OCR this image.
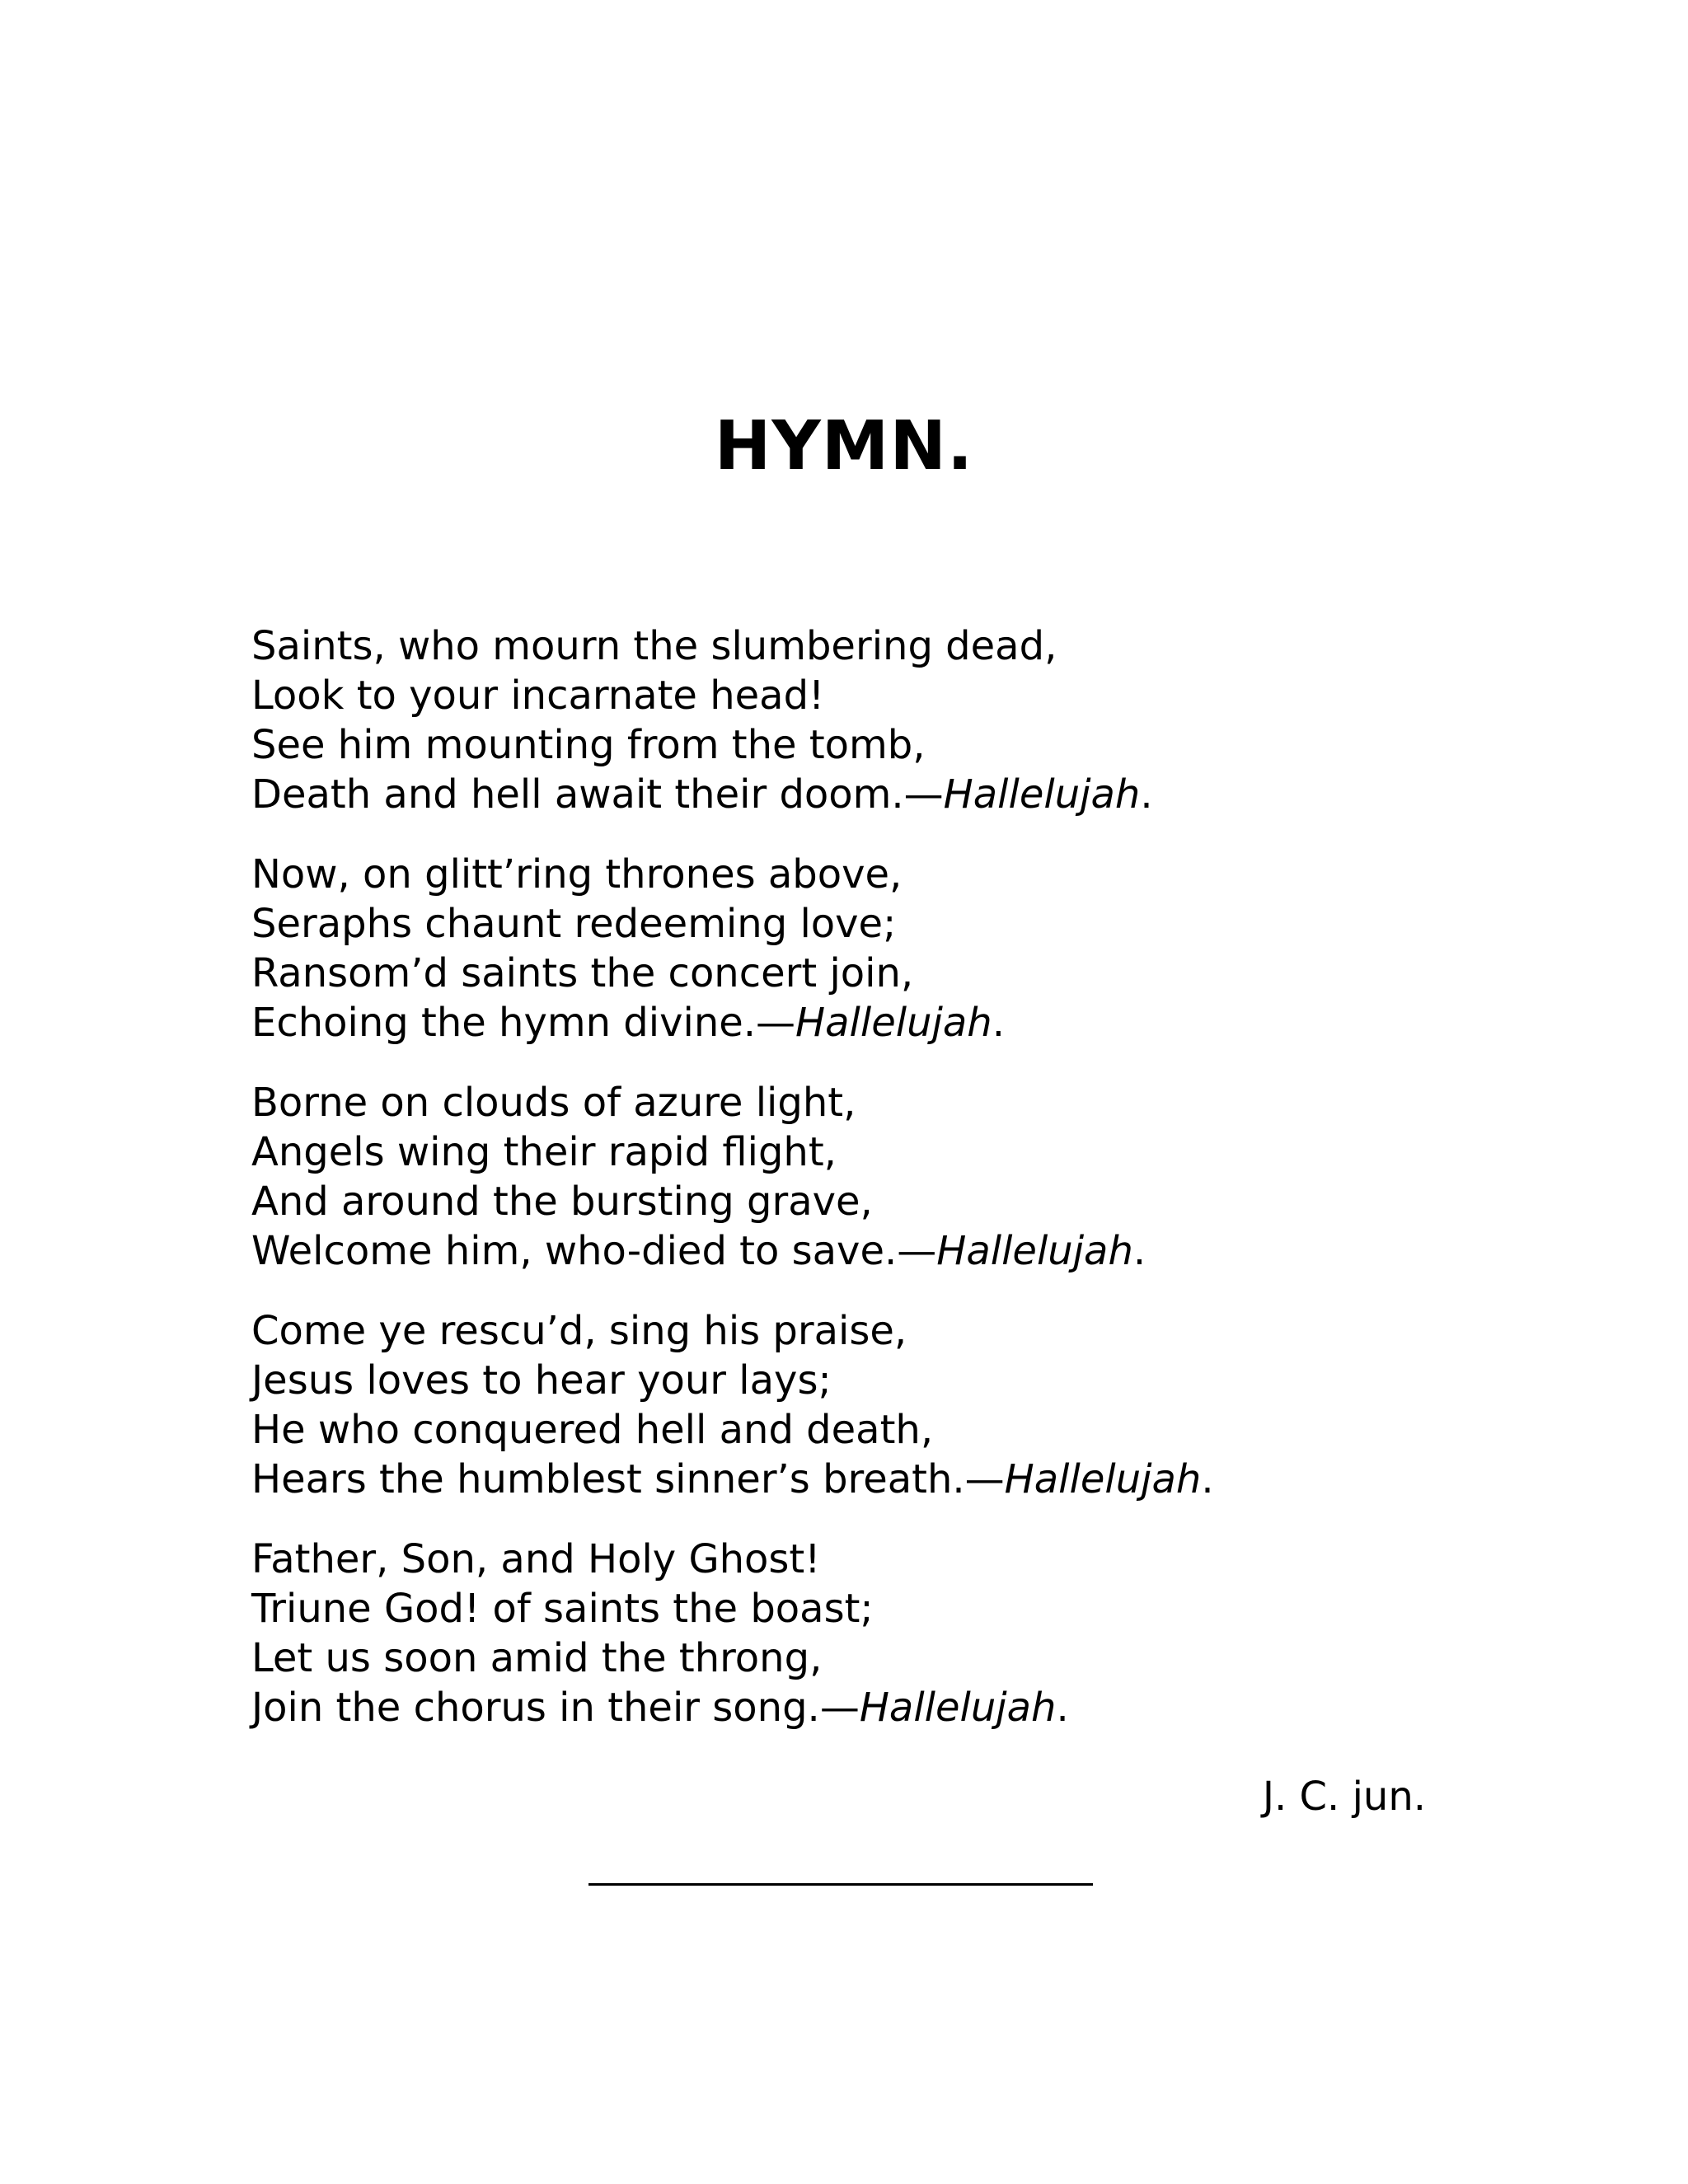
HYMN.

Saints, who mourn the slumbering dead,

Look to your incarnate head!

See him mounting from the tomb,

Death and hell await their doom.—Hallelujah.

Now, on glitt’ring thrones above,

Seraphs chaunt redeeming love;

Ransom’d saints the concert join,

Echoing the hymn divine.—Hallelujah.

Borne on clouds of azure light,

Angels wing their rapid flight,

And around the bursting grave,

Welcome him, who-died to save.—Hallelujah.

Come ye rescu’d, sing his praise,

Jesus loves to hear your lays;

He who conquered hell and death,

Hears the humblest sinner’s breath.—Hallelujah.

Father, Son, and Holy Ghost!

Triune God! of saints the boast;

Let us soon amid the throng,

Join the chorus in their song.—Hallelujah.

J. C. jun.
